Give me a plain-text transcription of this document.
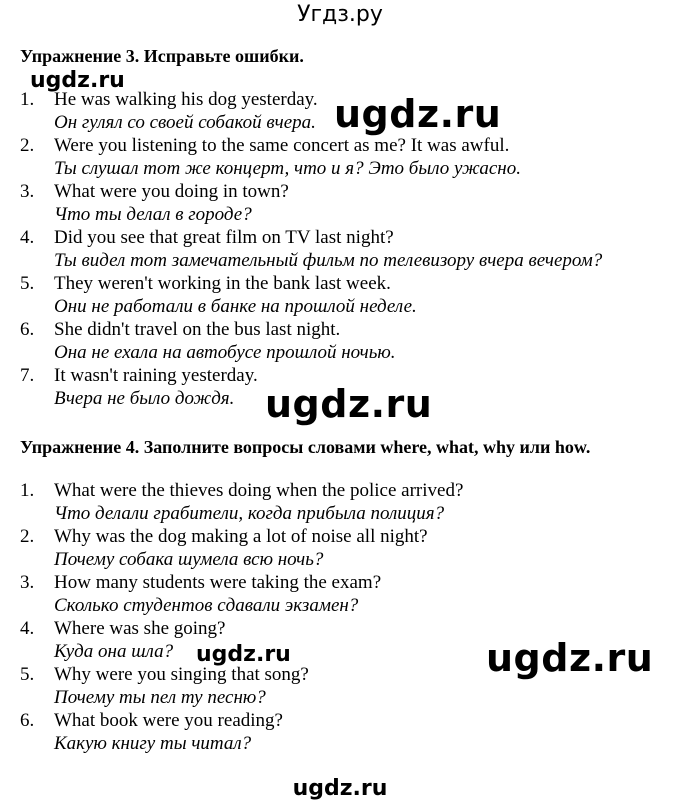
Угдз.ру
Упражнение 3. Исправьте ошибки.
ugdz.ru
ugdz.ru
1. He was walking his dog yesterday.
Он гулял со своей собакой вчера.
2. Were you listening to the same concert as me? It was awful.
Ты слушал тот же концерт, что и я? Это было ужасно.
3. What were you doing in town?
Что ты делал в городе?
4. Did you see that great film on TV last night?
Ты видел тот замечательный фильм по телевизору вчера вечером?
5. They weren't working in the bank last week.
Они не работали в банке на прошлой неделе.
6. She didn't travel on the bus last night.
Она не ехала на автобусе прошлой ночью.
7. It wasn't raining yesterday.
Вчера не было дождя. ugdz.ru
Упражнение 4. Заполните вопросы словами where, what, why или how.
1. What were the thieves doing when the police arrived?
Что делали грабители, когда прибыла полиция?
2. Why was the dog making a lot of noise all night?
Почему собака шумела всю ночь?
3. How many students were taking the exam?
Сколько студентов сдавали экзамен?
4. Where was she going?
Куда она шла?
5. Why were you singing that song?
Почему ты пел ту песню?
6. What book were you reading?
Какую книгу ты читал?
ugdz.ru	ugdz.ru
ugdz.ru
